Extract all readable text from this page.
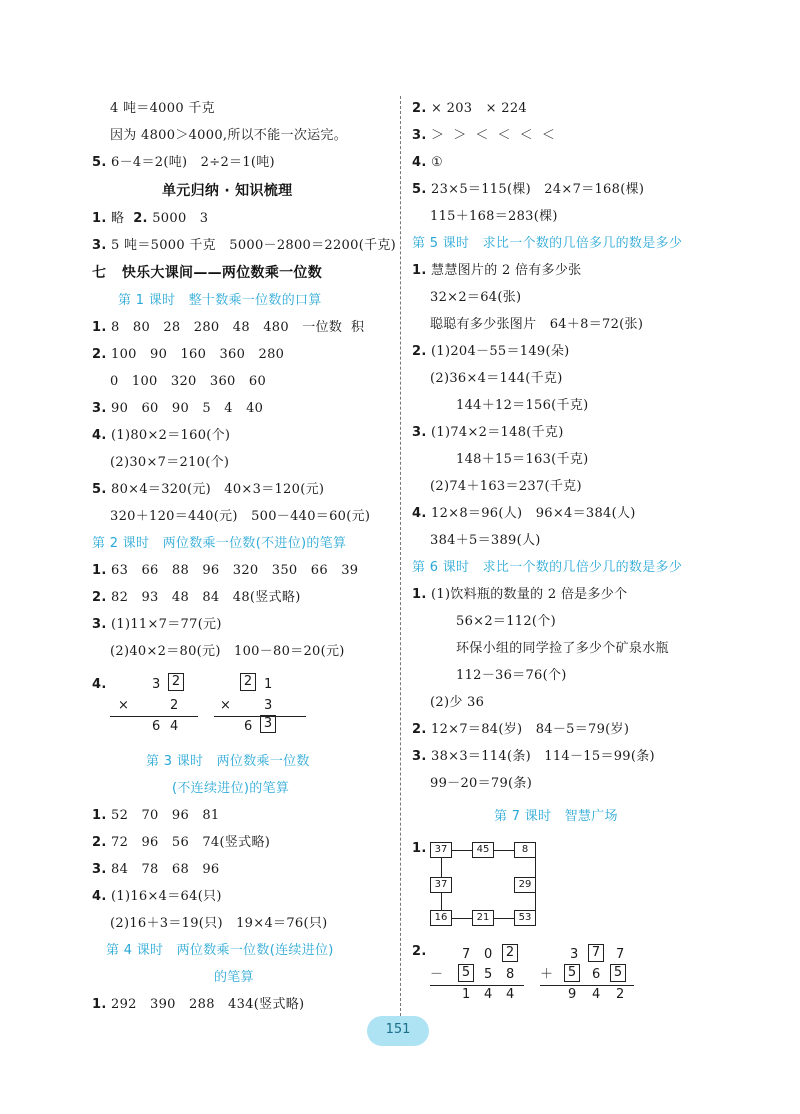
4 吨＝4000 千克
因为 4800＞4000,所以不能一次运完。
5. 6－4＝2(吨)   2÷2＝1(吨)
单元归纳 · 知识梳理
1. 略  2. 5000   3
3. 5 吨＝5000 千克   5000－2800＝2200(千克)
七   快乐大课间——两位数乘一位数
第 1 课时   整十数乘一位数的口算
1. 8   80   28   280   48   480   一位数  积
2. 100   90   160   360   280
0   100   320   360   60
3. 90   60   90   5   4   40
4. (1)80×2＝160(个)
(2)30×7＝210(个)
5. 80×4＝320(元)   40×3＝120(元)
320＋120＝440(元)   500－440＝60(元)
第 2 课时   两位数乘一位数(不进位)的笔算
1. 63   66   88   96   320   350   66   39
2. 82   93   48   84   48(竖式略)
3. (1)11×7＝77(元)
(2)40×2＝80(元)   100－80＝20(元)
4.	3 2
×	2
6 4
2 1
×	3
6 3
第 3 课时   两位数乘一位数
(不连续进位)的笔算
1. 52   70   96   81
2. 72   96   56   74(竖式略)
3. 84   78   68   96
4. (1)16×4＝64(只)
(2)16＋3＝19(只)   19×4＝76(只)
第 4 课时   两位数乘一位数(连续进位)
的笔算
1. 292   390   288   434(竖式略)
2. × 203   × 224
3. ＞  ＞  ＜  ＜  ＜  ＜
4. ①
5. 23×5＝115(棵)   24×7＝168(棵)
115＋168＝283(棵)
第 5 课时   求比一个数的几倍多几的数是多少
1. 慧慧图片的 2 倍有多少张
32×2＝64(张)
聪聪有多少张图片   64＋8＝72(张)
2. (1)204－55＝149(朵)
(2)36×4＝144(千克)
144＋12＝156(千克)
3. (1)74×2＝148(千克)
148＋15＝163(千克)
(2)74＋163＝237(千克)
4. 12×8＝96(人)   96×4＝384(人)
384＋5＝389(人)
第 6 课时   求比一个数的几倍少几的数是多少
1. (1)饮料瓶的数量的 2 倍是多少个
56×2＝112(个)
环保小组的同学捡了多少个矿泉水瓶
112－36＝76(个)
(2)少 36
2. 12×7＝84(岁)   84－5＝79(岁)
3. 38×3＝114(条)   114－15＝99(条)
99－20＝79(条)
第 7 课时   智慧广场
1. 37	45	8
37	29
16	21	53
2.	7 0 2
－ 5 5 8
1 4 4
3 7 7
＋ 5 6 5
9 4 2
151
